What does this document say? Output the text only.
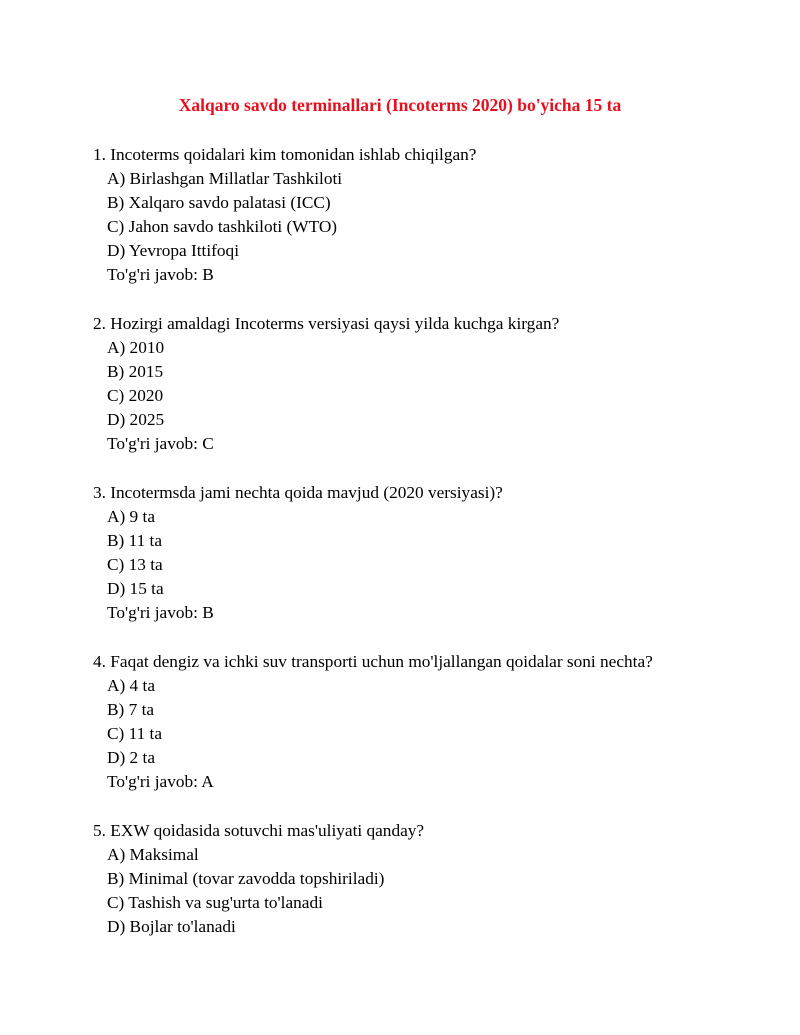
Xalqaro savdo terminallari (Incoterms 2020) bo'yicha 15 ta
1. Incoterms qoidalari kim tomonidan ishlab chiqilgan?
A) Birlashgan Millatlar Tashkiloti
B) Xalqaro savdo palatasi (ICC)
C) Jahon savdo tashkiloti (WTO)
D) Yevropa Ittifoqi
To'g'ri javob: B
2. Hozirgi amaldagi Incoterms versiyasi qaysi yilda kuchga kirgan?
A) 2010
B) 2015
C) 2020
D) 2025
To'g'ri javob: C
3. Incotermsda jami nechta qoida mavjud (2020 versiyasi)?
A) 9 ta
B) 11 ta
C) 13 ta
D) 15 ta
To'g'ri javob: B
4. Faqat dengiz va ichki suv transporti uchun mo'ljallangan qoidalar soni nechta?
A) 4 ta
B) 7 ta
C) 11 ta
D) 2 ta
To'g'ri javob: A
5. EXW qoidasida sotuvchi mas'uliyati qanday?
A) Maksimal
B) Minimal (tovar zavodda topshiriladi)
C) Tashish va sug'urta to'lanadi
D) Bojlar to'lanadi
